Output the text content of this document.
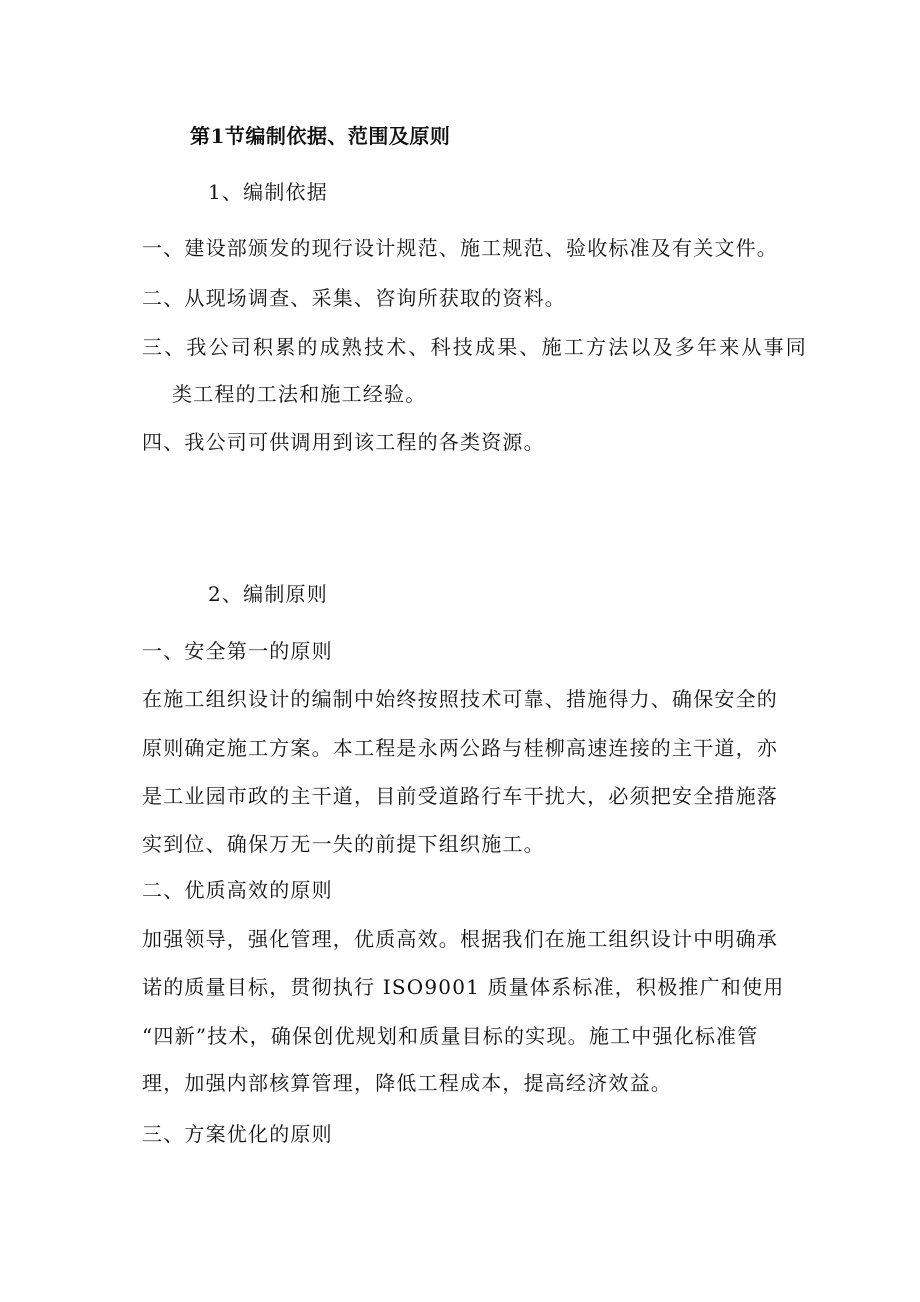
第1节编制依据、范围及原则
1、编制依据
一、建设部颁发的现行设计规范、施工规范、验收标准及有关文件。
二、从现场调查、采集、咨询所获取的资料。
三、我公司积累的成熟技术、科技成果、施工方法以及多年来从事同
类工程的工法和施工经验。
四、我公司可供调用到该工程的各类资源。
2、编制原则
一、安全第一的原则
在施工组织设计的编制中始终按照技术可靠、措施得力、确保安全的
原则确定施工方案。本工程是永两公路与桂柳高速连接的主干道，亦
是工业园市政的主干道，目前受道路行车干扰大，必须把安全措施落
实到位、确保万无一失的前提下组织施工。
二、优质高效的原则
加强领导，强化管理，优质高效。根据我们在施工组织设计中明确承
诺的质量目标，贯彻执行 ISO9001 质量体系标准，积极推广和使用
“四新”技术，确保创优规划和质量目标的实现。施工中强化标准管
理，加强内部核算管理，降低工程成本，提高经济效益。
三、方案优化的原则
